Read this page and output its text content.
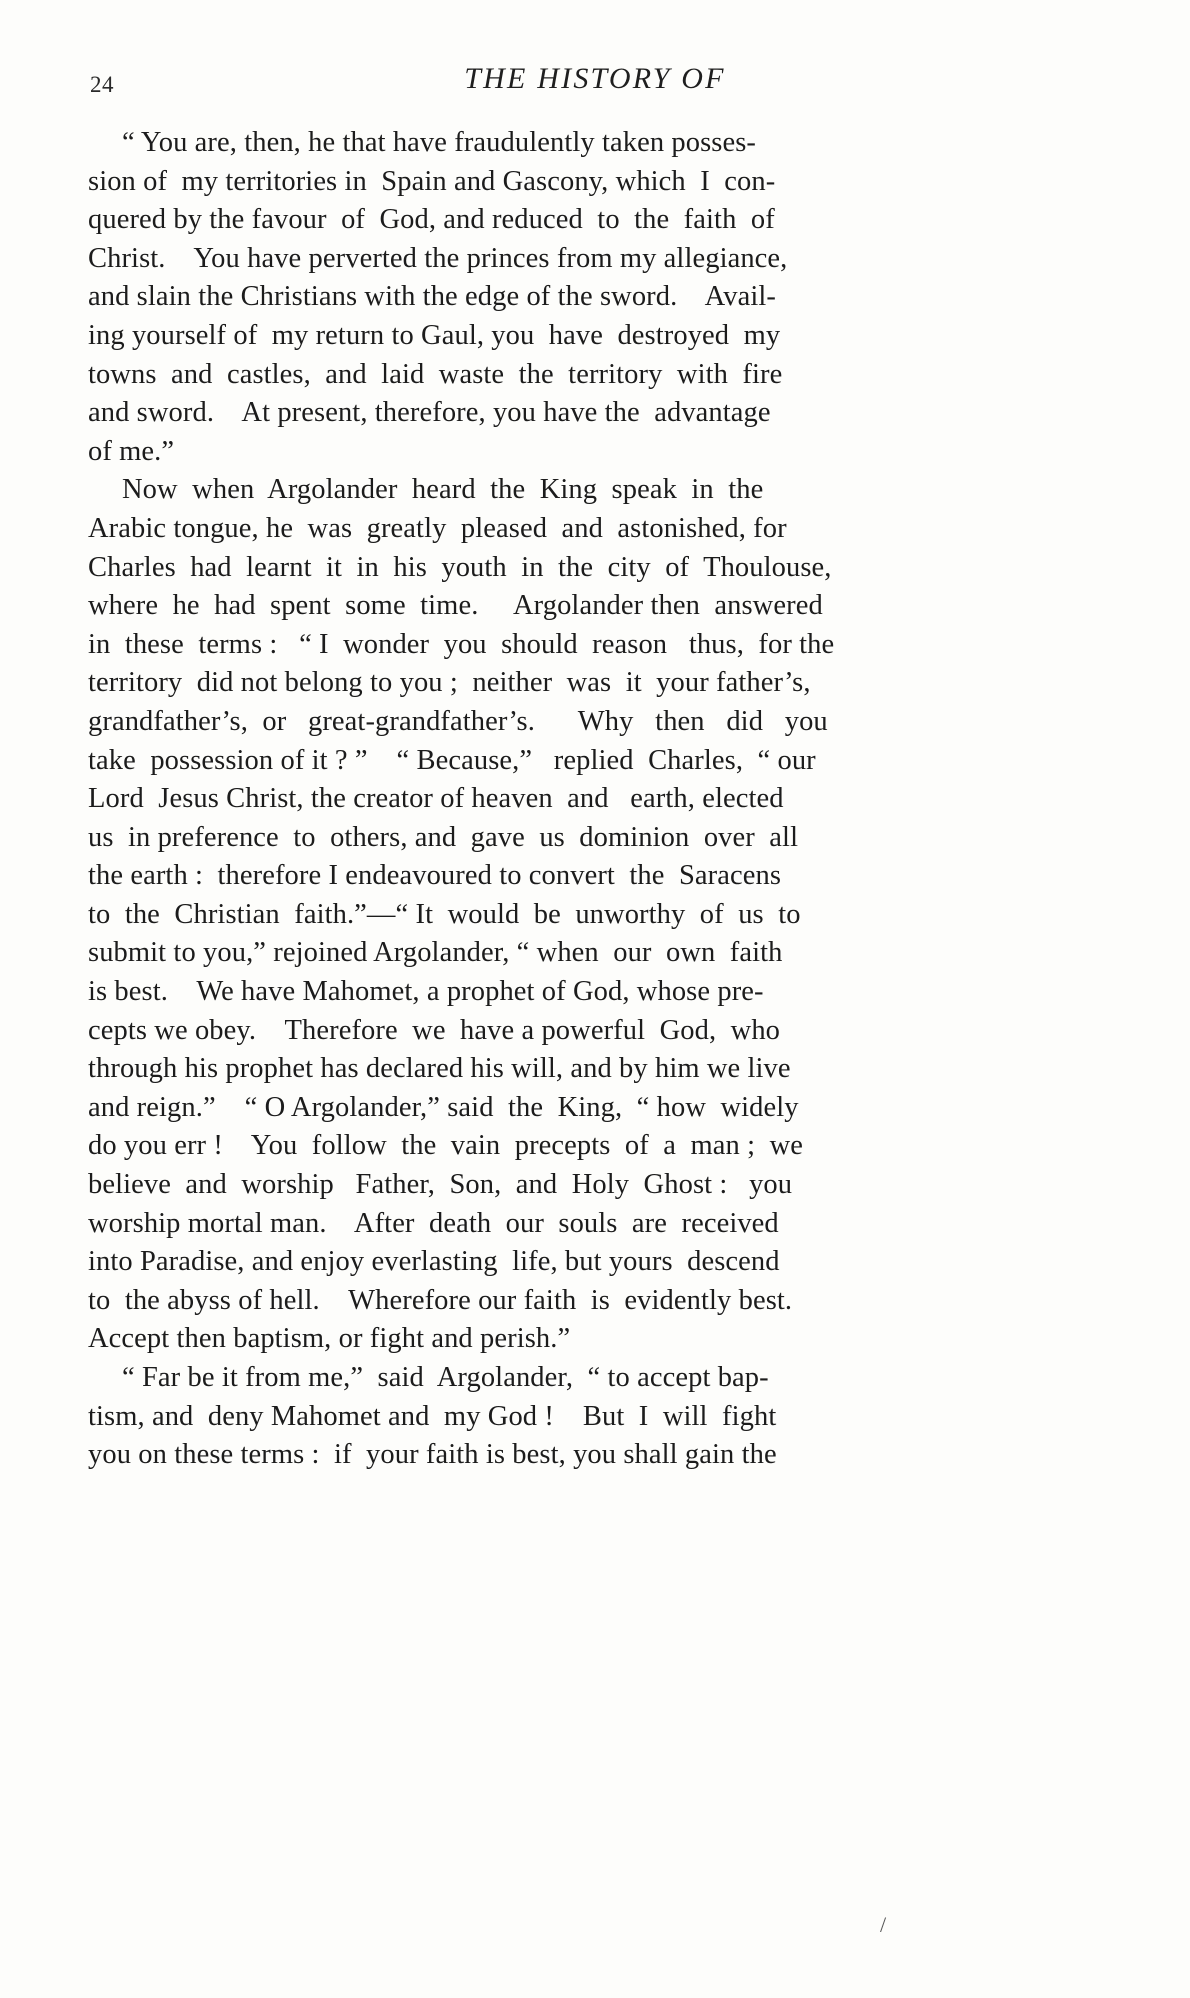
24	THE HISTORY OF

“ You are, then, he that have fraudulently taken posses-
sion of  my territories in  Spain and Gascony, which  I  con-
quered by the favour  of  God, and reduced  to  the  faith  of
Christ.    You have perverted the princes from my allegiance,
and slain the Christians with the edge of the sword.    Avail-
ing yourself of  my return to Gaul, you  have  destroyed  my
towns  and  castles,  and  laid  waste  the  territory  with  fire
and sword.    At present, therefore, you have the  advantage
of me.”

Now  when  Argolander  heard  the  King  speak  in  the
Arabic tongue, he  was  greatly  pleased  and  astonished, for
Charles  had  learnt  it  in  his  youth  in  the  city  of  Thoulouse,
where  he  had  spent  some  time.     Argolander then  answered
in  these  terms :   “ I  wonder  you  should  reason   thus,  for the
territory  did not belong to you ;  neither  was  it  your father’s,
grandfather’s,  or   great-grandfather’s.      Why   then   did   you
take  possession of it ? ”    “ Because,”   replied  Charles,  “ our
Lord  Jesus Christ, the creator of heaven  and   earth, elected
us  in preference  to  others, and  gave  us  dominion  over  all
the earth :  therefore I endeavoured to convert  the  Saracens
to  the  Christian  faith.”—“ It  would  be  unworthy  of  us  to
submit to you,” rejoined Argolander, “ when  our  own  faith
is best.    We have Mahomet, a prophet of God, whose pre-
cepts we obey.    Therefore  we  have a powerful  God,  who
through his prophet has declared his will, and by him we live
and reign.”    “ O Argolander,” said  the  King,  “ how  widely
do you err !    You  follow  the  vain  precepts  of  a  man ;  we
believe  and  worship   Father,  Son,  and  Holy  Ghost :   you
worship mortal man.    After  death  our  souls  are  received
into Paradise, and enjoy everlasting  life, but yours  descend
to  the abyss of hell.    Wherefore our faith  is  evidently best.
Accept then baptism, or fight and perish.”

“ Far be it from me,”  said  Argolander,  “ to accept bap-
tism, and  deny Mahomet and  my God !    But  I  will  fight
you on these terms :  if  your faith is best, you shall gain the

/
